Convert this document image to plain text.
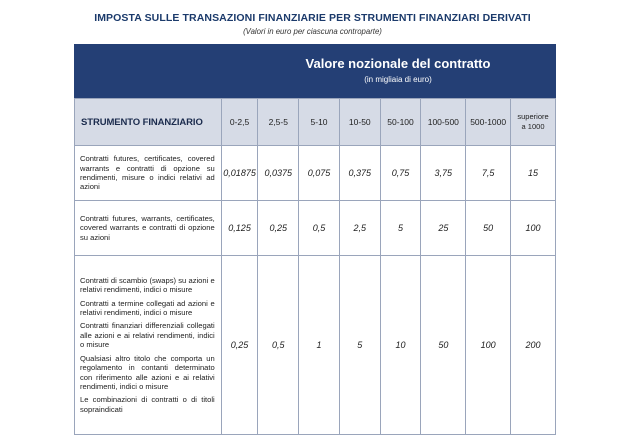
IMPOSTA SULLE TRANSAZIONI FINANZIARIE PER STRUMENTI FINANZIARI DERIVATI
(Valori in euro per ciascuna controparte)
Valore nozionale del contratto
(in migliaia di euro)
STRUMENTO FINANZIARIO	0-2,5	2,5-5	5-10	10-50	50-100	100-500	500-1000	superiore
a 1000

Contratti futures, certificates, covered warrants e contratti di opzione su rendimenti, misure o indici relativi ad azioni	0,01875	0,0375	0,075	0,375	0,75	3,75	7,5	15

Contratti futures, warrants, certificates, covered warrants e contratti di opzione su azioni	0,125	0,25	0,5	2,5	5	25	50	100

Contratti di scambio (swaps) su azioni e relativi rendimenti, indici o misure
Contratti a termine collegati ad azioni e relativi rendimenti, indici o misure
Contratti finanziari differenziali collegati alle azioni e ai relativi rendimenti, indici o misure
Qualsiasi altro titolo che comporta un regolamento in contanti determinato con riferimento alle azioni e ai relativi rendimenti, indici o misure
Le combinazioni di contratti o di titoli sopraindicati	0,25	0,5	1	5	10	50	100	200
